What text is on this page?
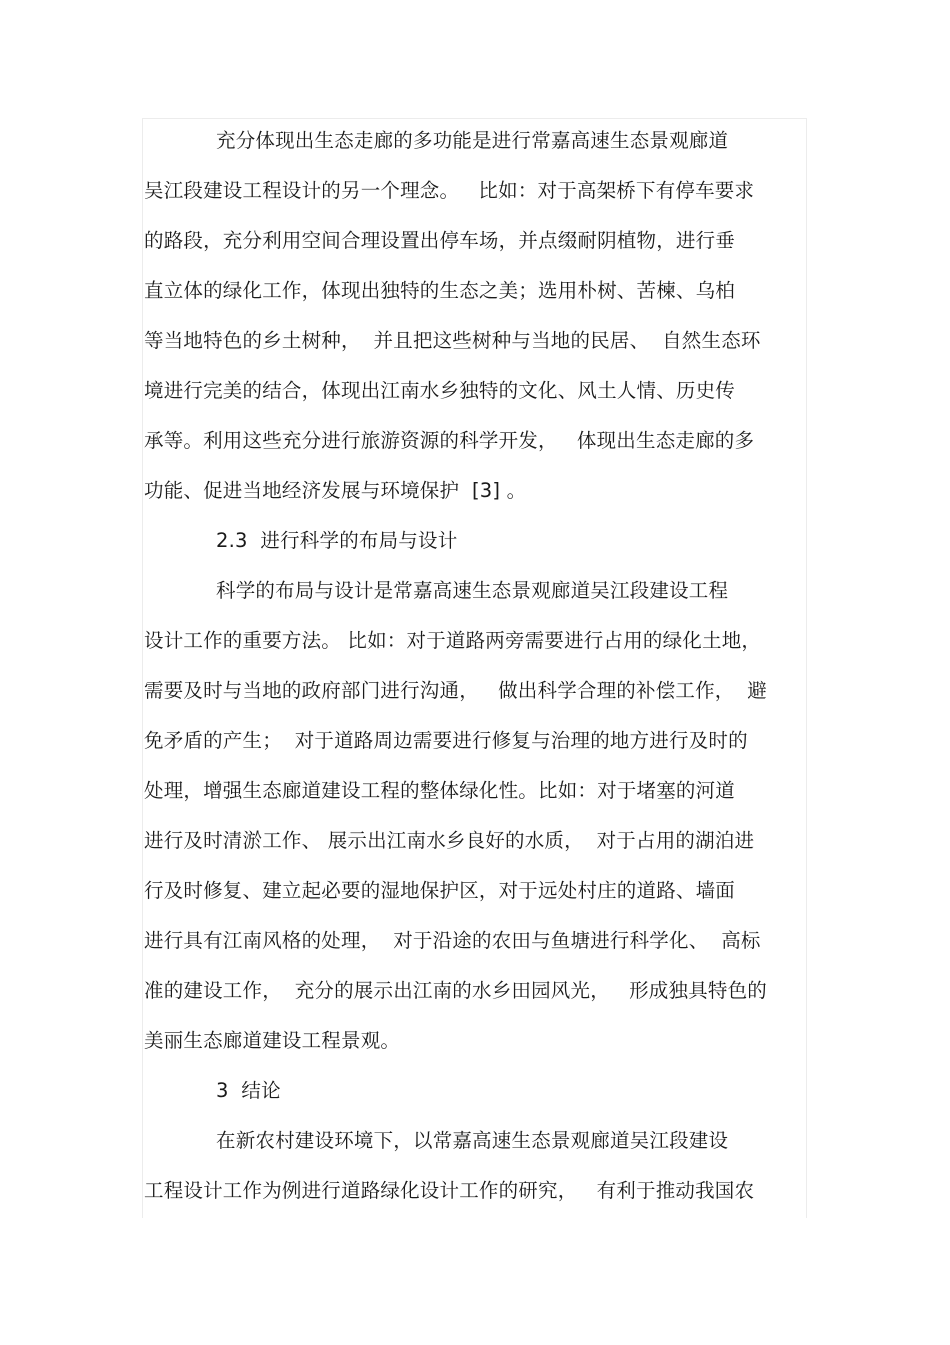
充分体现出生态走廊的多功能是进行常嘉高速生态景观廊道
吴江段建设工程设计的另一个理念。   比如：对于高架桥下有停车要求
的路段，充分利用空间合理设置出停车场，并点缀耐阴植物，进行垂
直立体的绿化工作，体现出独特的生态之美；选用朴树、苦楝、乌柏
等当地特色的乡土树种，  并且把这些树种与当地的民居、  自然生态环
境进行完美的结合，体现出江南水乡独特的文化、风土人情、历史传
承等。利用这些充分进行旅游资源的科学开发，   体现出生态走廊的多
功能、促进当地经济发展与环境保护  [3] 。
2.3  进行科学的布局与设计
科学的布局与设计是常嘉高速生态景观廊道吴江段建设工程
设计工作的重要方法。 比如：对于道路两旁需要进行占用的绿化土地，
需要及时与当地的政府部门进行沟通，   做出科学合理的补偿工作，  避
免矛盾的产生；  对于道路周边需要进行修复与治理的地方进行及时的
处理，增强生态廊道建设工程的整体绿化性。比如：对于堵塞的河道
进行及时清淤工作、 展示出江南水乡良好的水质，  对于占用的湖泊进
行及时修复、建立起必要的湿地保护区，对于远处村庄的道路、墙面
进行具有江南风格的处理，  对于沿途的农田与鱼塘进行科学化、  高标
准的建设工作，  充分的展示出江南的水乡田园风光，   形成独具特色的
美丽生态廊道建设工程景观。
3  结论
在新农村建设环境下，以常嘉高速生态景观廊道吴江段建设
工程设计工作为例进行道路绿化设计工作的研究，   有利于推动我国农
